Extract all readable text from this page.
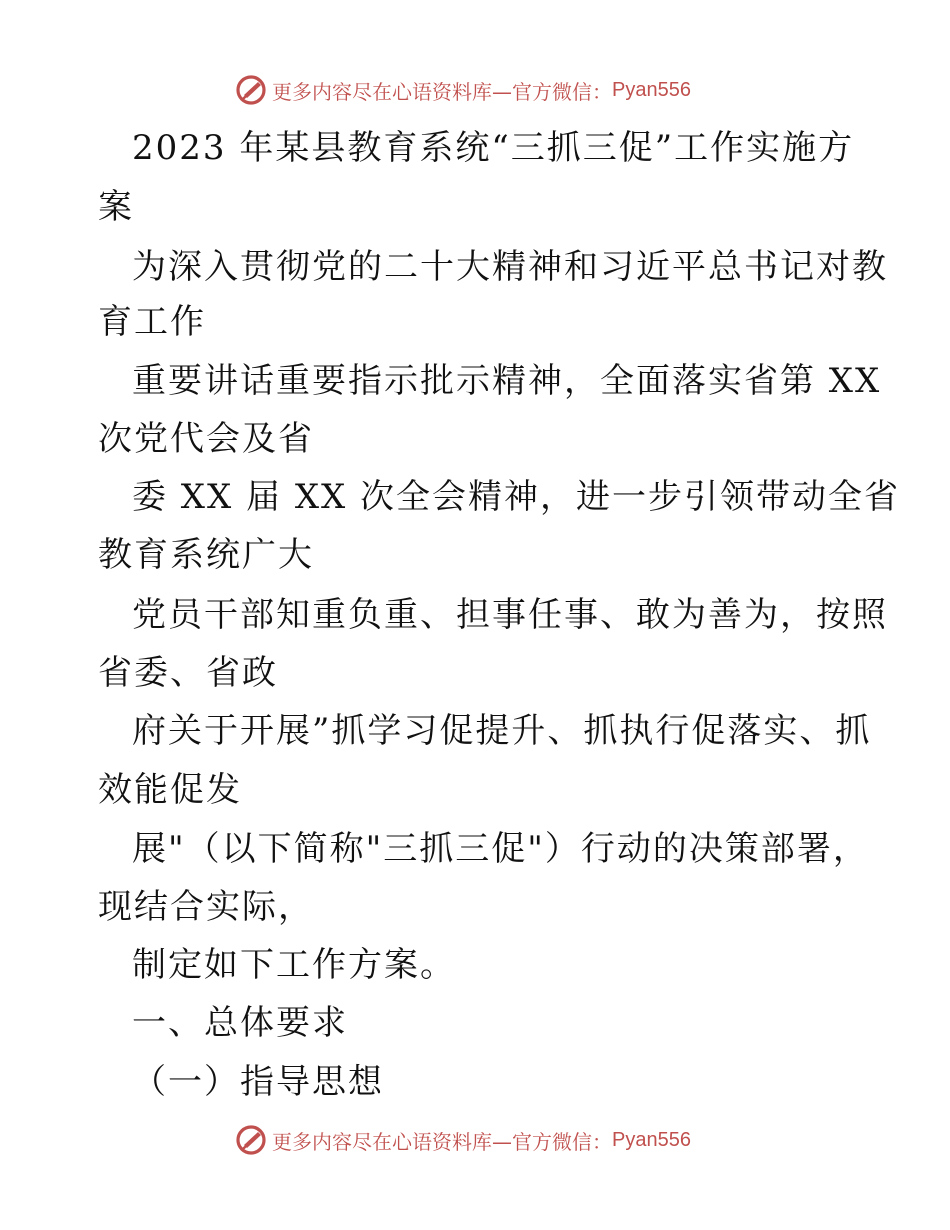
更多内容尽在心语资料库—官方微信： Pyan556
2023 年某县教育系统“三抓三促”工作实施方
案
为深入贯彻党的二十大精神和习近平总书记对教
育工作
重要讲话重要指示批示精神，全面落实省第 XX
次党代会及省
委 XX 届 XX 次全会精神，进一步引领带动全省
教育系统广大
党员干部知重负重、担事任事、敢为善为，按照
省委、省政
府关于开展”抓学习促提升、抓执行促落实、抓
效能促发
展"（以下简称"三抓三促"）行动的决策部署，
现结合实际，
制定如下工作方案。
一、总体要求
（一）指导思想
更多内容尽在心语资料库—官方微信： Pyan556
